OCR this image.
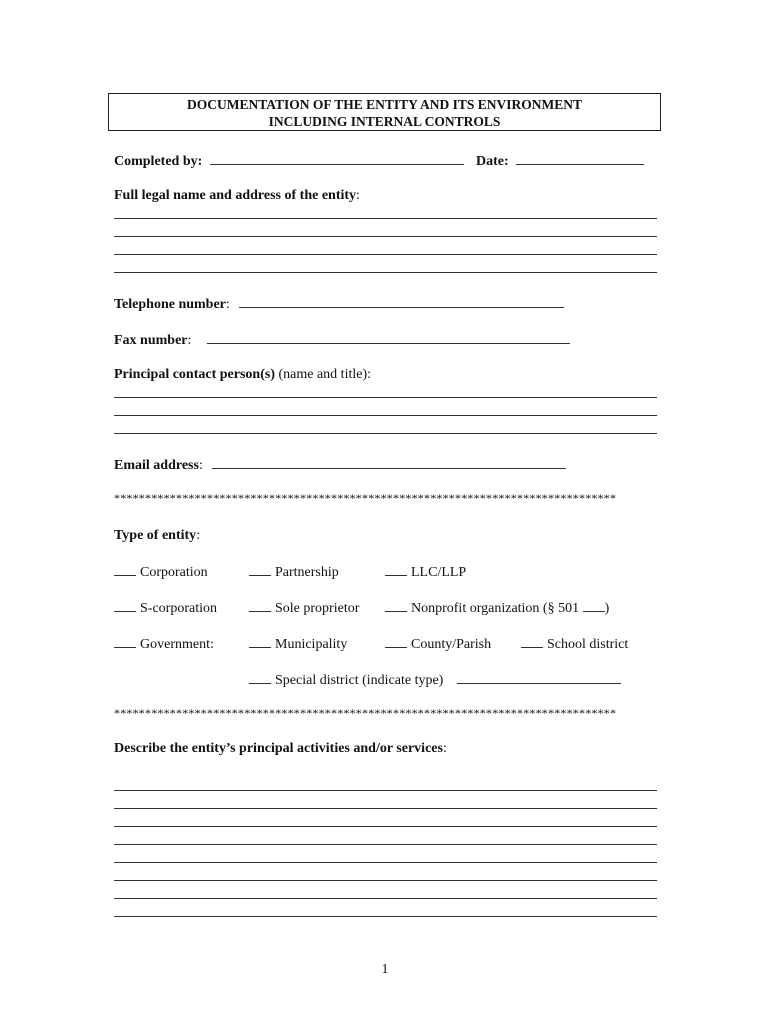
DOCUMENTATION OF THE ENTITY AND ITS ENVIRONMENT
INCLUDING INTERNAL CONTROLS
Completed by:	Date:
Full legal name and address of the entity:
Telephone number:
Fax number:
Principal contact person(s) (name and title):
Email address:
*********************************************************************************
Type of entity:
Corporation	Partnership	LLC/LLP
S-corporation	Sole proprietor	Nonprofit organization (§ 501 )
Government:	Municipality	County/Parish	School district
Special district (indicate type)
*********************************************************************************
Describe the entity’s principal activities and/or services:
1
